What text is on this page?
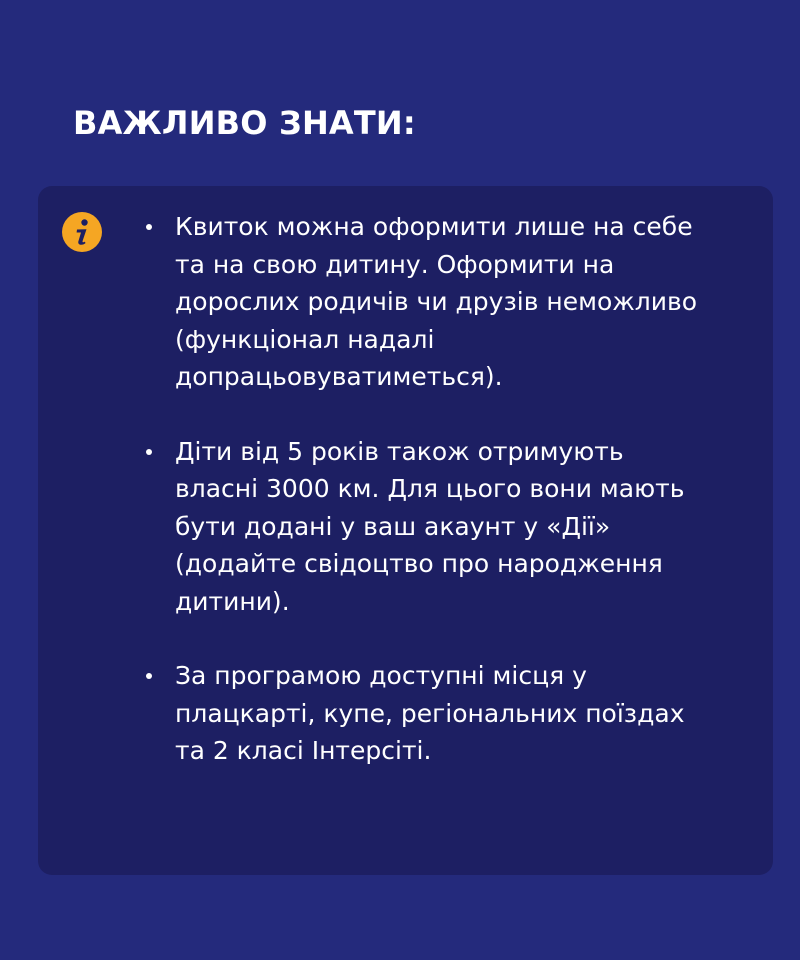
ВАЖЛИВО ЗНАТИ:
Квиток можна оформити лише на себе
та на свою дитину. Оформити на
дорослих родичів чи друзів неможливо
(функціонал надалі
допрацьовуватиметься).
Діти від 5 років також отримують
власні 3000 км. Для цього вони мають
бути додані у ваш акаунт у «Дії»
(додайте свідоцтво про народження
дитини).
За програмою доступні місця у
плацкарті, купе, регіональних поїздах
та 2 класі Інтерсіті.
